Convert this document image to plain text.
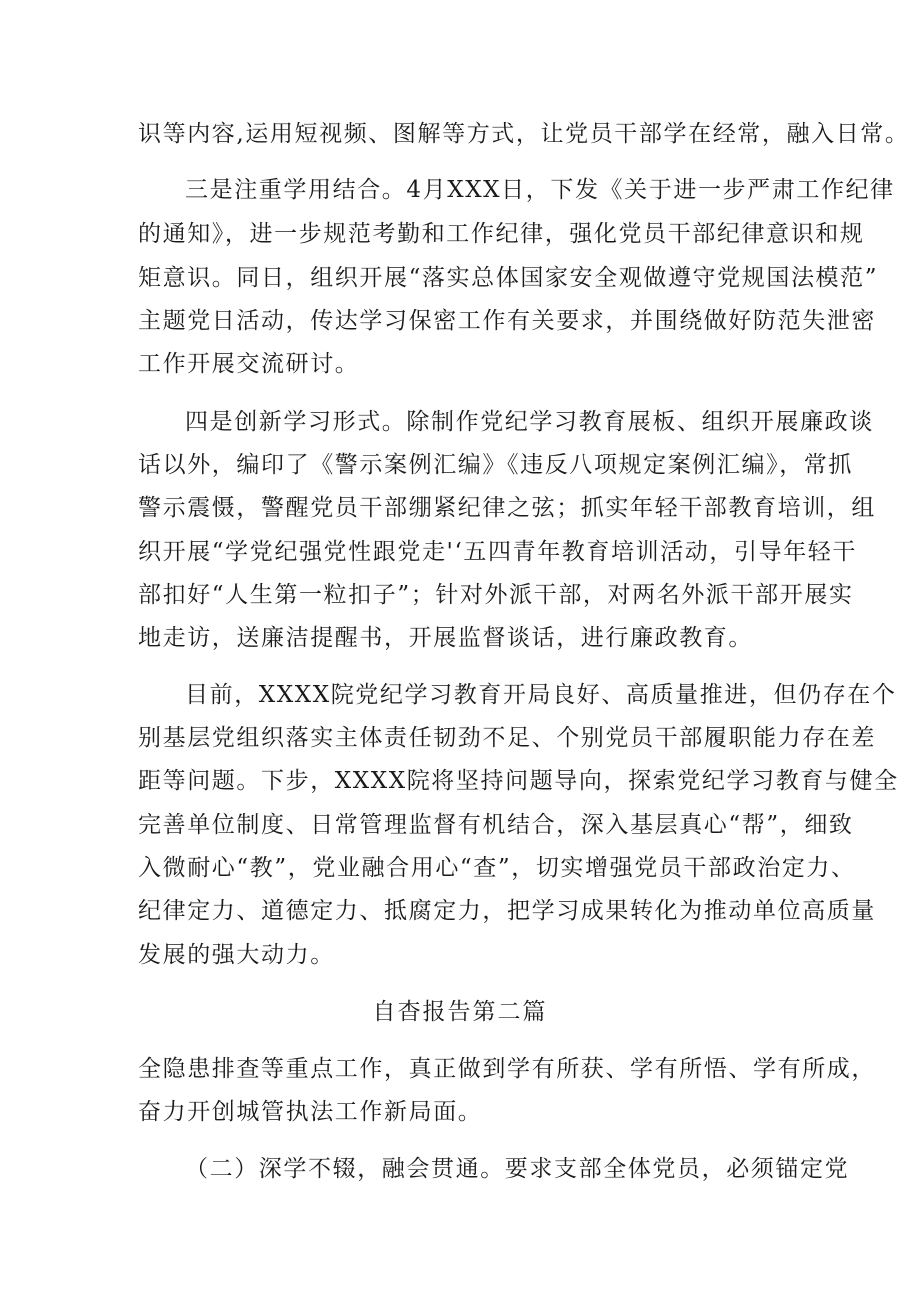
识等内容,运用短视频、图解等方式，让党员干部学在经常，融入日常。
三是注重学用结合。4月XXX日，下发《关于进一步严肃工作纪律
的通知》，进一步规范考勤和工作纪律，强化党员干部纪律意识和规
矩意识。同日，组织开展“落实总体国家安全观做遵守党规国法模范”
主题党日活动，传达学习保密工作有关要求，并围绕做好防范失泄密
工作开展交流研讨。
四是创新学习形式。除制作党纪学习教育展板、组织开展廉政谈
话以外，编印了《警示案例汇编》《违反八项规定案例汇编》，常抓
警示震慑，警醒党员干部绷紧纪律之弦；抓实年轻干部教育培训，组
织开展“学党纪强党性跟党走'‘五四青年教育培训活动，引导年轻干
部扣好“人生第一粒扣子”；针对外派干部，对两名外派干部开展实
地走访，送廉洁提醒书，开展监督谈话，进行廉政教育。
目前，XXXX院党纪学习教育开局良好、高质量推进，但仍存在个
别基层党组织落实主体责任韧劲不足、个别党员干部履职能力存在差
距等问题。下步，XXXX院将坚持问题导向，探索党纪学习教育与健全
完善单位制度、日常管理监督有机结合，深入基层真心“帮”，细致
入微耐心“教”，党业融合用心“查”，切实增强党员干部政治定力、
纪律定力、道德定力、抵腐定力，把学习成果转化为推动单位高质量
发展的强大动力。
自杳报告第二篇
全隐患排查等重点工作，真正做到学有所获、学有所悟、学有所成，
奋力开创城管执法工作新局面。
（二）深学不辍，融会贯通。要求支部全体党员，必须锚定党
